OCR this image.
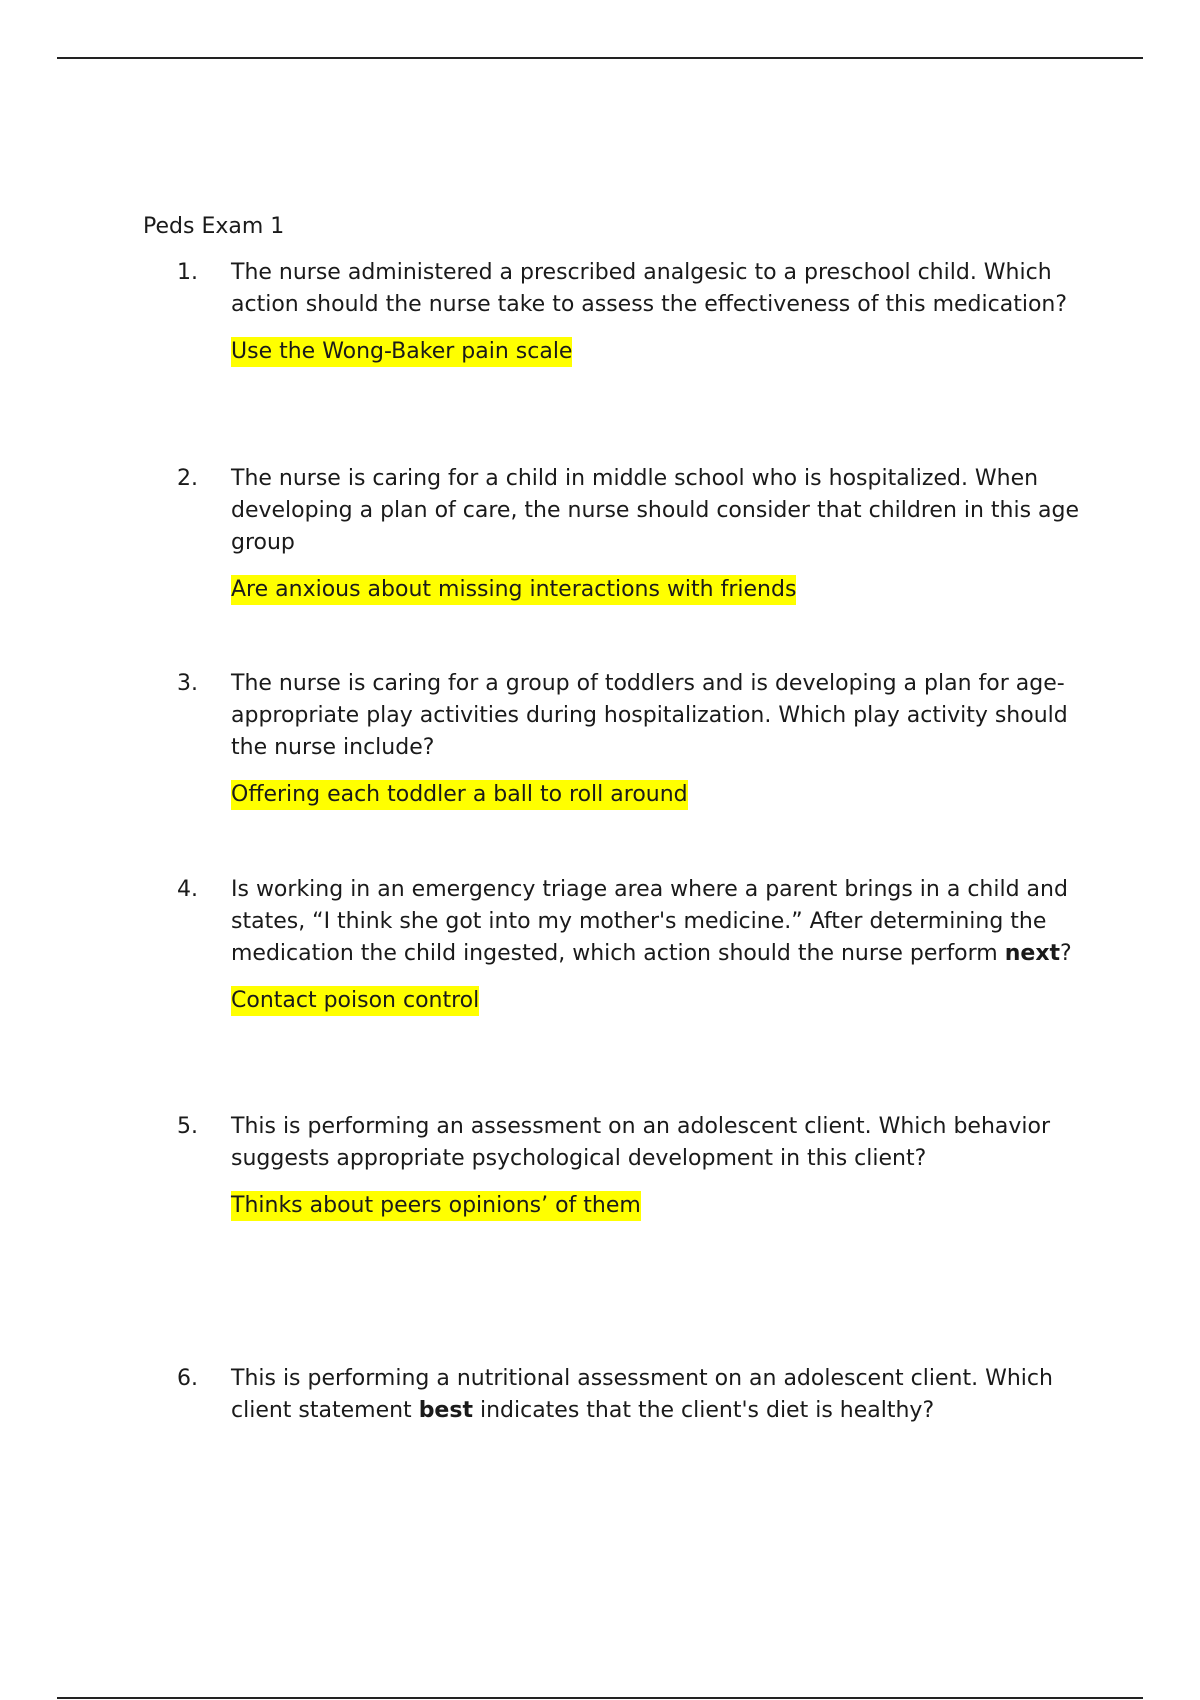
Peds Exam 1
1. The nurse administered a prescribed analgesic to a preschool child. Which action should the nurse take to assess the effectiveness of this medication?
Use the Wong-Baker pain scale
2. The nurse is caring for a child in middle school who is hospitalized. When developing a plan of care, the nurse should consider that children in this age group
Are anxious about missing interactions with friends
3. The nurse is caring for a group of toddlers and is developing a plan for age-appropriate play activities during hospitalization. Which play activity should the nurse include?
Offering each toddler a ball to roll around
4. Is working in an emergency triage area where a parent brings in a child and states, “I think she got into my mother's medicine.” After determining the medication the child ingested, which action should the nurse perform next?
Contact poison control
5. This is performing an assessment on an adolescent client. Which behavior suggests appropriate psychological development in this client?
Thinks about peers opinions’ of them
6. This is performing a nutritional assessment on an adolescent client. Which client statement best indicates that the client's diet is healthy?
